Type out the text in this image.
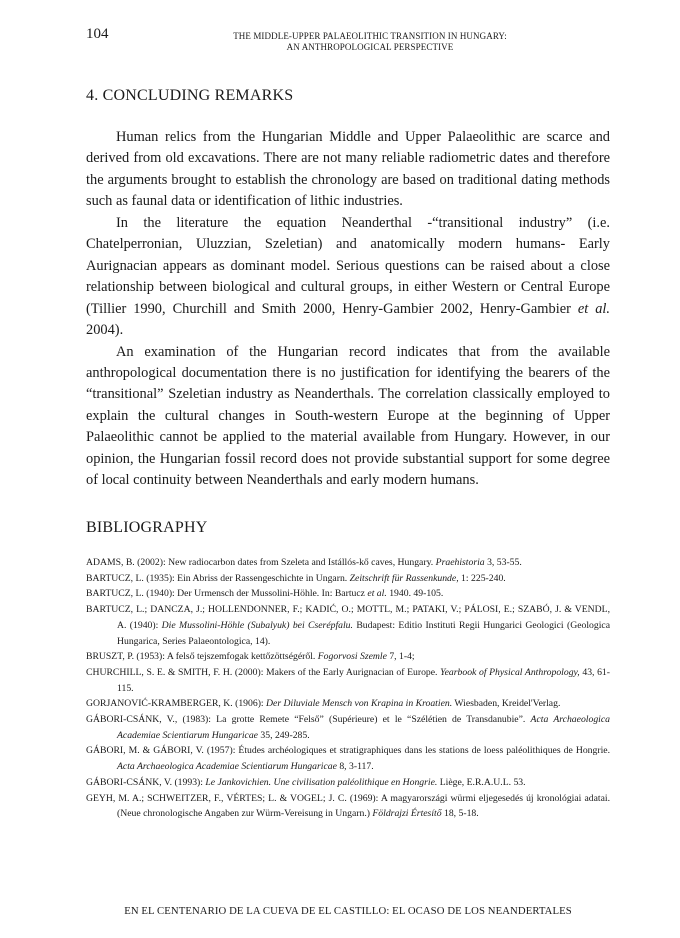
104	THE MIDDLE-UPPER PALAEOLITHIC TRANSITION IN HUNGARY:
AN ANTHROPOLOGICAL PERSPECTIVE
4. CONCLUDING REMARKS

Human relics from the Hungarian Middle and Upper Palaeolithic are scarce and derived from old excavations. There are not many reliable radiometric dates and therefore the arguments brought to establish the chronology are based on traditional dating methods such as faunal data or identification of lithic industries.

In the literature the equation Neanderthal -“transitional industry” (i.e. Chatelperronian, Uluzzian, Szeletian) and anatomically modern humans- Early Aurignacian appears as dominant model. Serious questions can be raised about a close relationship between biological and cultural groups, in either Western or Central Europe (Tillier 1990, Churchill and Smith 2000, Henry-Gambier 2002, Henry-Gambier et al. 2004).

An examination of the Hungarian record indicates that from the available anthropological documentation there is no justification for identifying the bearers of the “transitional” Szeletian industry as Neanderthals. The correlation classically employed to explain the cultural changes in South-western Europe at the beginning of Upper Palaeolithic cannot be applied to the material available from Hungary. However, in our opinion, the Hungarian fossil record does not provide substantial support for some degree of local continuity between Neanderthals and early modern humans.

BIBLIOGRAPHY
ADAMS, B. (2002): New radiocarbon dates from Szeleta and Istállós-kő caves, Hungary. Praehistoria 3, 53-55.
BARTUCZ, L. (1935): Ein Abriss der Rassengeschichte in Ungarn. Zeitschrift für Rassenkunde, 1: 225-240.
BARTUCZ, L. (1940): Der Urmensch der Mussolini-Höhle. In: Bartucz et al. 1940. 49-105.
BARTUCZ, L.; DANCZA, J.; HOLLENDONNER, F.; KADIĆ, O.; MOTTL, M.; PATAKI, V.; PÁLOSI, E.; SZABÓ, J. & VENDL, A. (1940): Die Mussolini-Höhle (Subalyuk) bei Cserépfalu. Budapest: Editio Instituti Regii Hungarici Geologici (Geologica Hungarica, Series Palaeontologica, 14).
BRUSZT, P. (1953): A felső tejszemfogak kettőzöttségéről. Fogorvosi Szemle 7, 1-4;
CHURCHILL, S. E. & SMITH, F. H. (2000): Makers of the Early Aurignacian of Europe. Yearbook of Physical Anthropology, 43, 61-115.
GORJANOVIĆ-KRAMBERGER, K. (1906): Der Diluviale Mensch von Krapina in Kroatien. Wiesbaden, Kreidel'Verlag.
GÁBORI-CSÁNK, V., (1983): La grotte Remete “Felső” (Supérieure) et le “Szélétien de Transdanubie”. Acta Archaeologica Academiae Scientiarum Hungaricae 35, 249-285.
GÁBORI, M. & GÁBORI, V. (1957): Études archéologiques et stratigraphiques dans les stations de loess paléolithiques de Hongrie. Acta Archaeologica Academiae Scientiarum Hungaricae 8, 3-117.
GÁBORI-CSÁNK, V. (1993): Le Jankovichien. Une civilisation paléolithique en Hongrie. Liège, E.R.A.U.L. 53.
GEYH, M. A.; SCHWEITZER, F., VÉRTES; L. & VOGEL; J. C. (1969): A magyarországi würmi eljegesedés új kronológiai adatai. (Neue chronologische Angaben zur Würm-Vereisung in Ungarn.) Földrajzi Értesítő 18, 5-18.
EN EL CENTENARIO DE LA CUEVA DE EL CASTILLO: EL OCASO DE LOS NEANDERTALES
